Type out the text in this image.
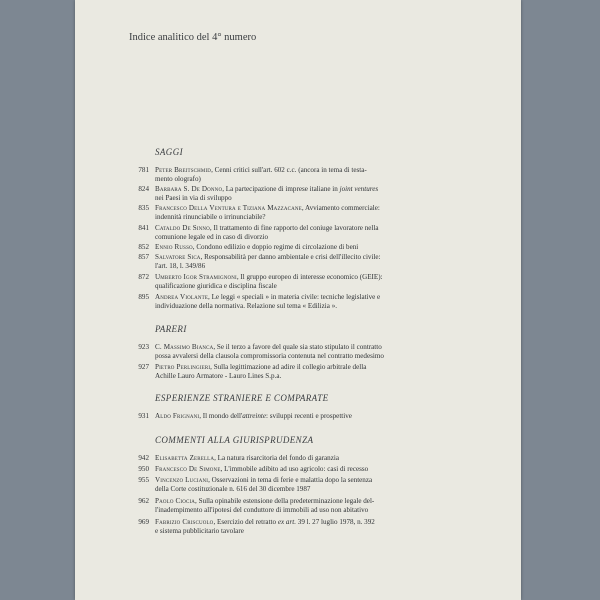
Indice analitico del 4° numero
SAGGI
781 Peter Breitschmid, Cenni critici sull'art. 602 c.c. (ancora in tema di testa-
mento olografo)
824 Barbara S. De Donno, La partecipazione di imprese italiane in joint ventures
nei Paesi in via di sviluppo
835 Francesco Della Ventura e Tiziana Mazzacane, Avviamento commerciale:
indennità rinunciabile o irrinunciabile?
841 Cataldo De Sinno, Il trattamento di fine rapporto del coniuge lavoratore nella
comunione legale ed in caso di divorzio
852 Ennio Russo, Condono edilizio e doppio regime di circolazione di beni
857 Salvatore Sica, Responsabilità per danno ambientale e crisi dell'illecito civile:
l'art. 18, l. 349/86
872 Umberto Igor Stramignoni, Il gruppo europeo di interesse economico (GEIE):
qualificazione giuridica e disciplina fiscale
895 Andrea Violante, Le leggi « speciali » in materia civile: tecniche legislative e
individuazione della normativa. Relazione sul tema « Edilizia ».
PARERI
923 C. Massimo Bianca, Se il terzo a favore del quale sia stato stipulato il contratto
possa avvalersi della clausola compromissoria contenuta nel contratto medesimo
927 Pietro Perlingieri, Sulla legittimazione ad adire il collegio arbitrale della
Achille Lauro Armatore - Lauro Lines S.p.a.
ESPERIENZE STRANIERE E COMPARATE
931 Aldo Frignani, Il mondo dell'attreinte: sviluppi recenti e prospettive
COMMENTI ALLA GIURISPRUDENZA
942 Elisabetta Zerella, La natura risarcitoria del fondo di garanzia
950 Francesco De Simone, L'immobile adibito ad uso agricolo: casi di recesso
955 Vincenzo Luciani, Osservazioni in tema di ferie e malattia dopo la sentenza
della Corte costituzionale n. 616 del 30 dicembre 1987
962 Paolo Ciocia, Sulla opinabile estensione della predeterminazione legale del-
l'inadempimento all'ipotesi del conduttore di immobili ad uso non abitativo
969 Fabrizio Criscuolo, Esercizio del retratto ex art. 39 l. 27 luglio 1978, n. 392
e sistema pubblicitario tavolare
